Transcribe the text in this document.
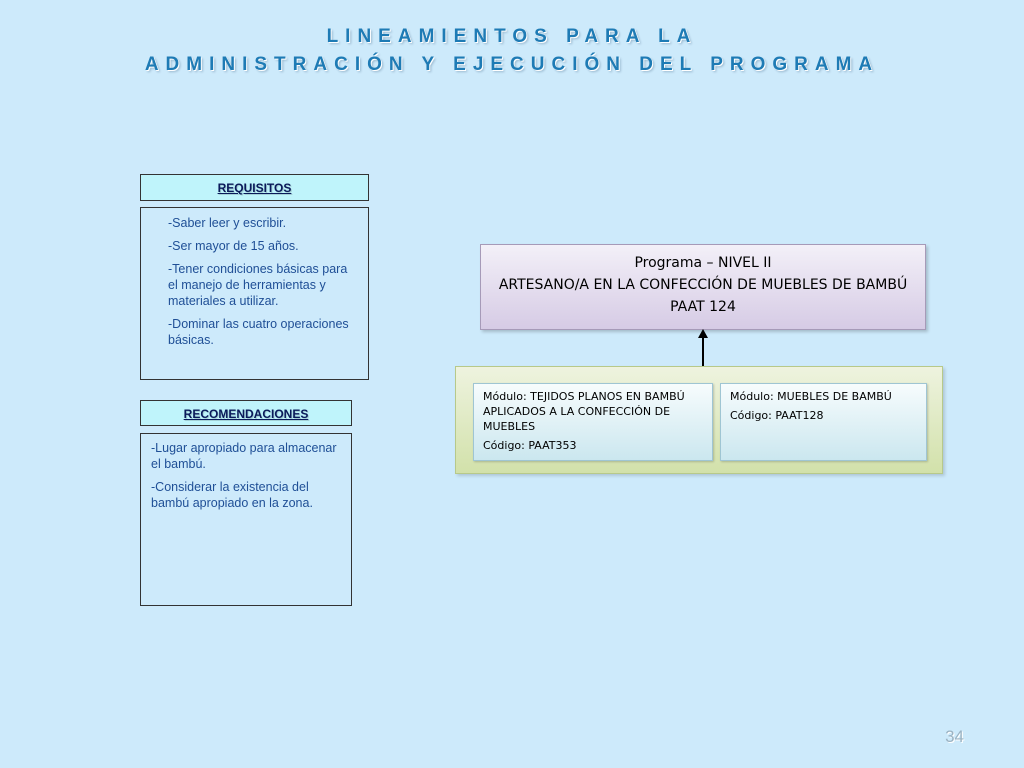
LINEAMIENTOS PARA LA
ADMINISTRACIÓN Y EJECUCIÓN DEL PROGRAMA
REQUISITOS

-Saber leer y escribir.

-Ser mayor de 15 años.

-Tener condiciones básicas para el manejo de herramientas y materiales a utilizar.

-Dominar las cuatro operaciones básicas.

RECOMENDACIONES

-Lugar apropiado para almacenar el bambú.

-Considerar la existencia del bambú apropiado en la zona.

Programa – NIVEL II
ARTESANO/A EN LA CONFECCIÓN DE MUEBLES DE BAMBÚ
PAAT 124

Módulo: TEJIDOS PLANOS EN BAMBÚ APLICADOS A LA CONFECCIÓN DE MUEBLES

Código: PAAT353

Módulo: MUEBLES DE BAMBÚ

Código: PAAT128

34
